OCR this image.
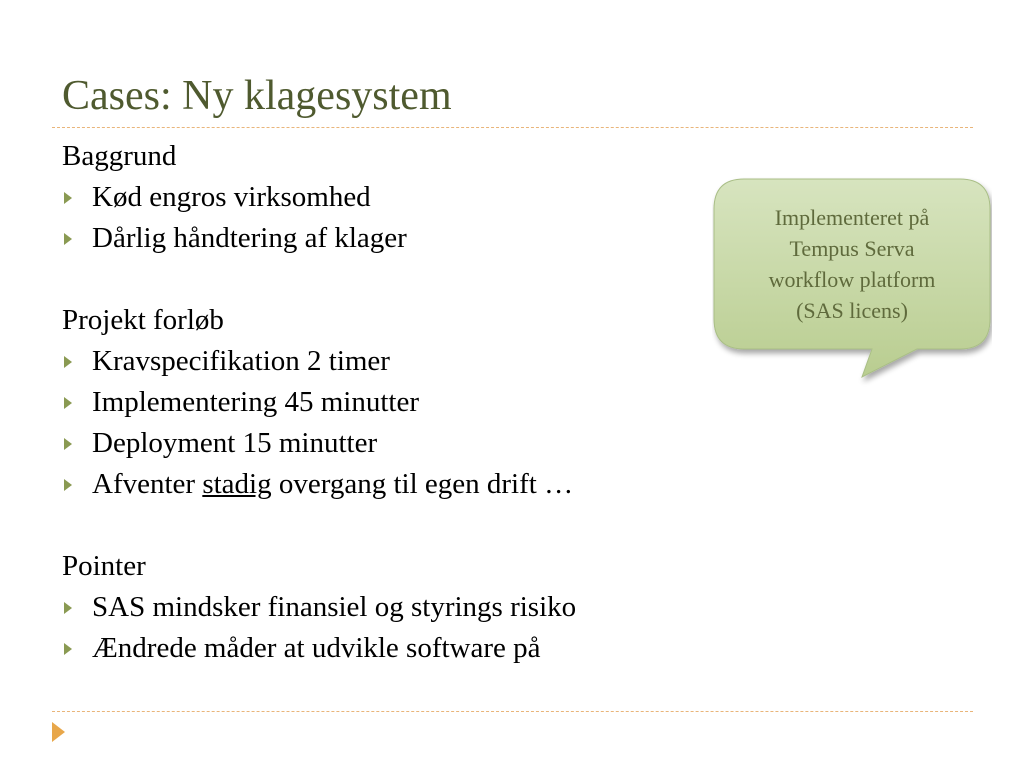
Cases: Ny klagesystem
Baggrund
Kød engros virksomhed
Dårlig håndtering af klager
Projekt forløb
Kravspecifikation 2 timer
Implementering 45 minutter
Deployment 15 minutter
Afventer stadig overgang til egen drift …
Pointer
SAS mindsker finansiel og styrings risiko
Ændrede måder at udvikle software på
Implementeret på
Tempus Serva
workflow platform
(SAS licens)
